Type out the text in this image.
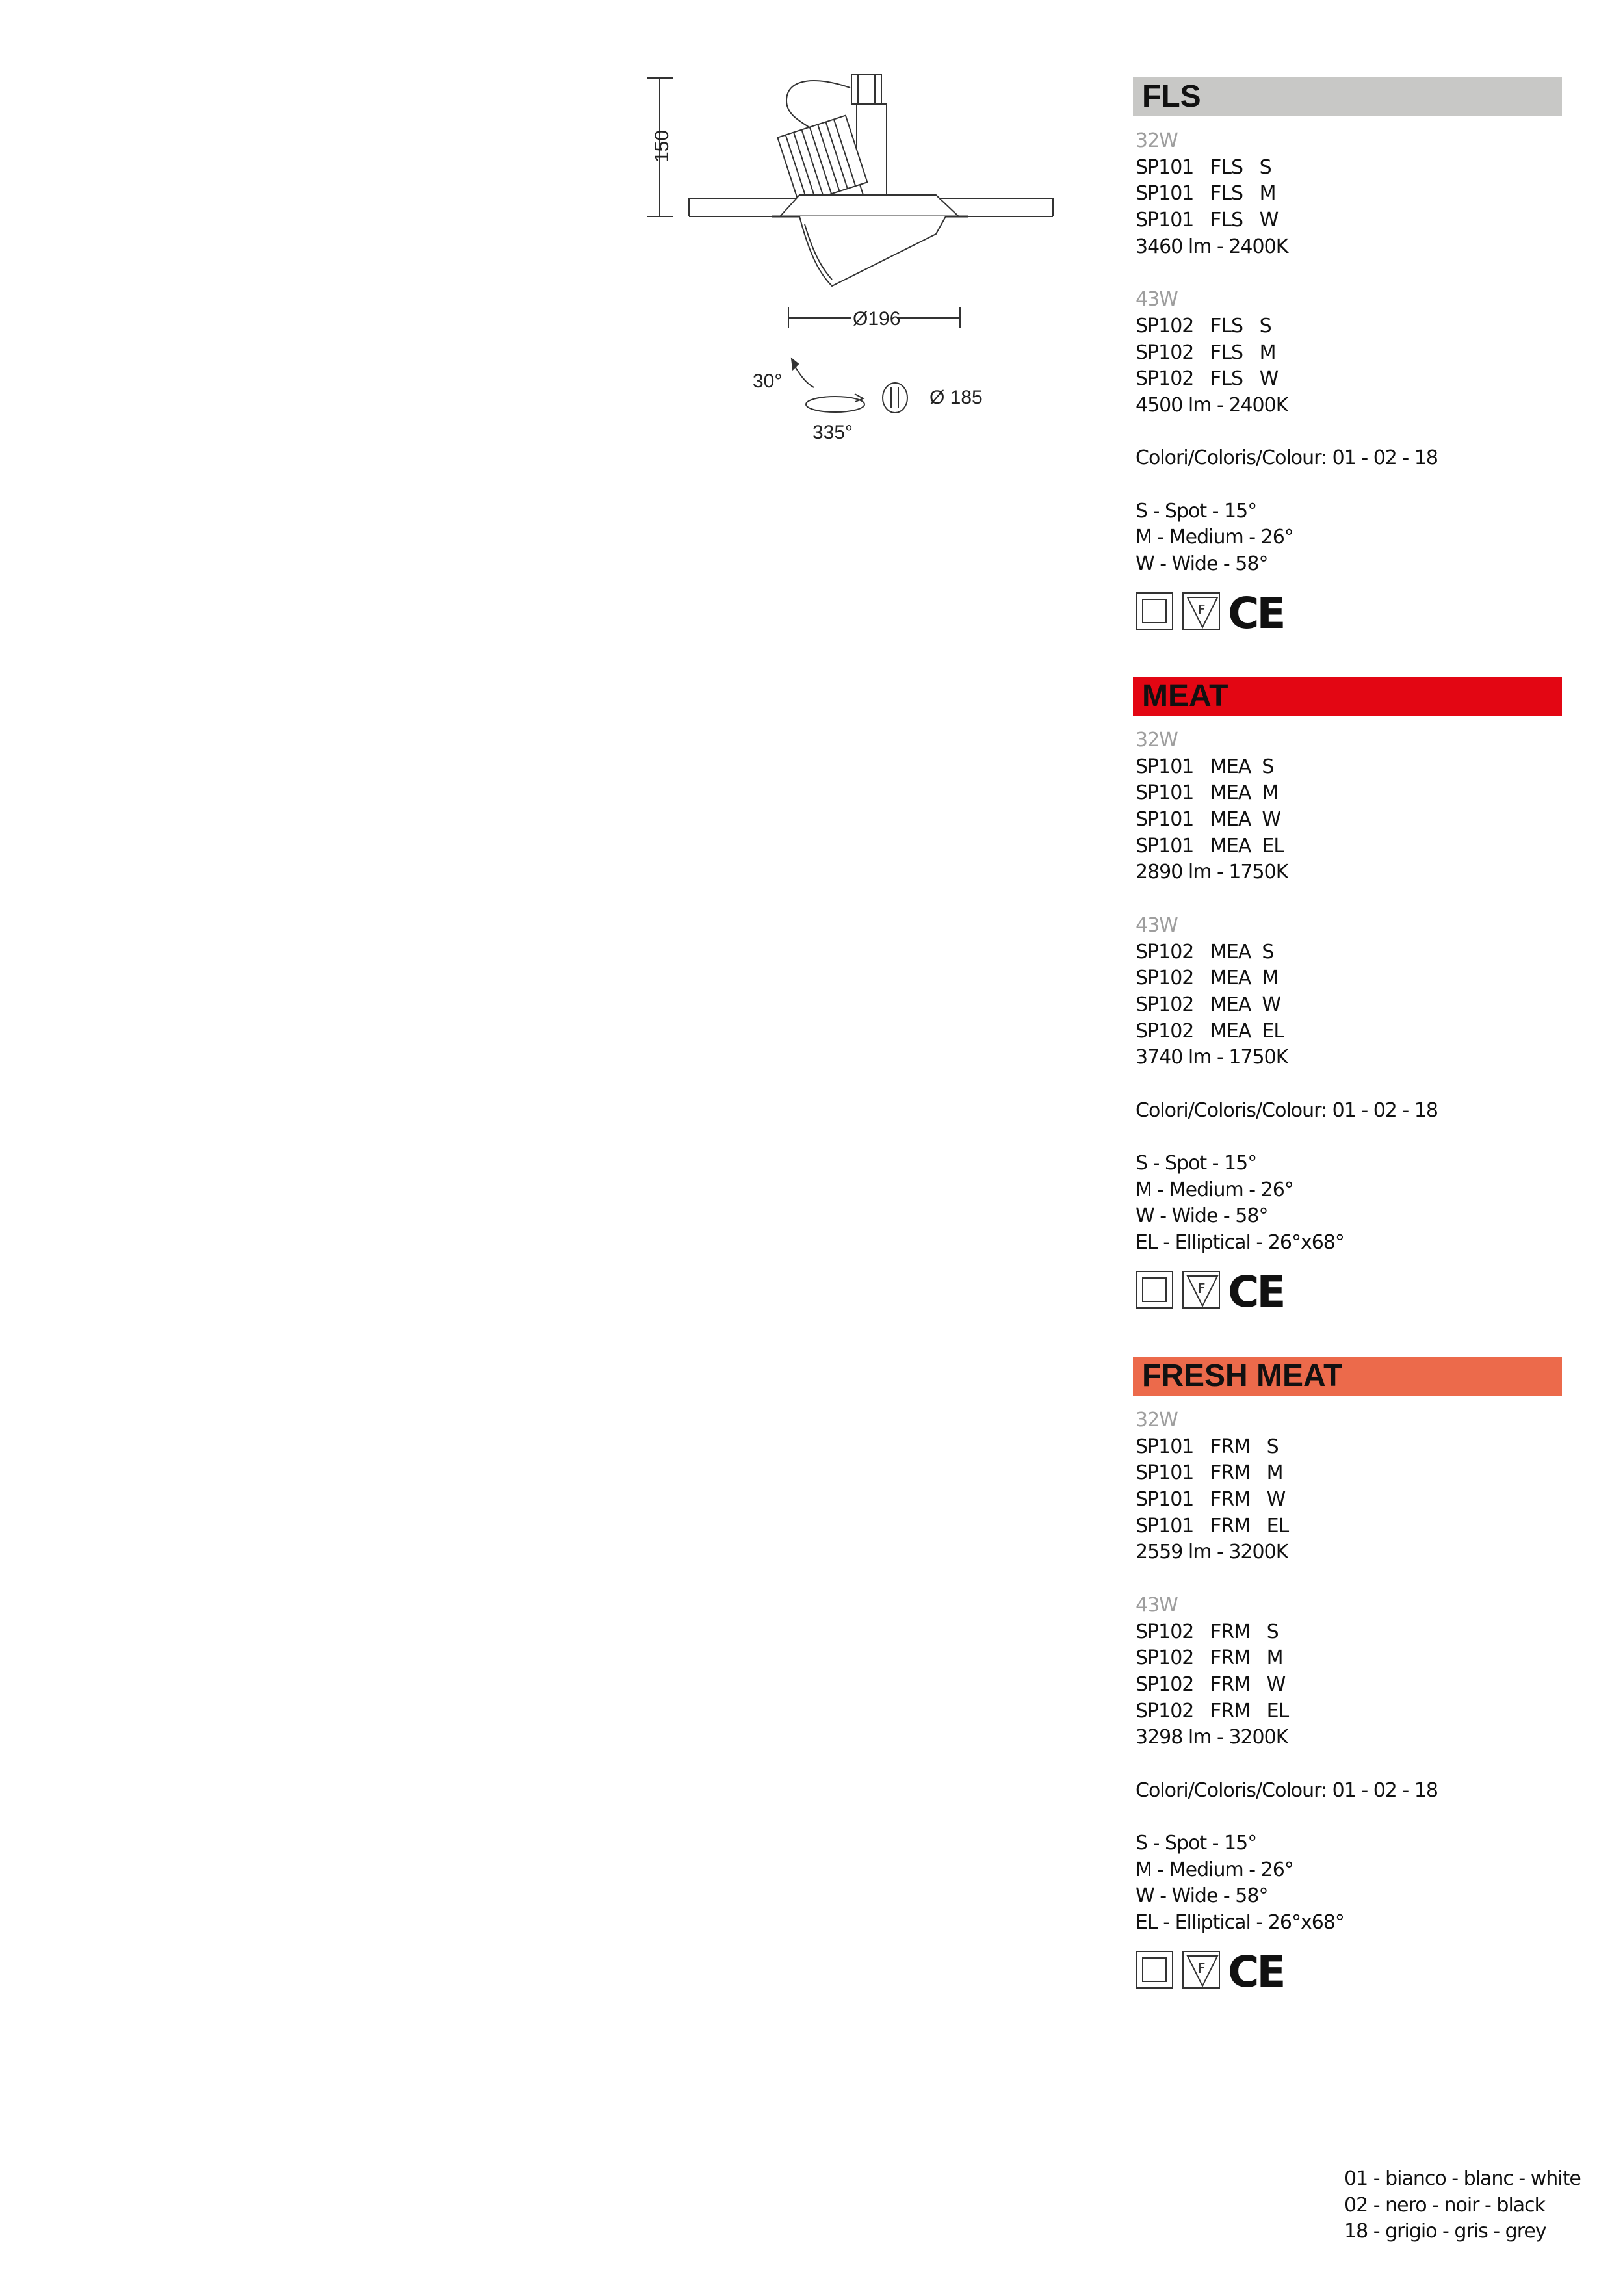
150
Ø196
30°
335°
Ø 185
FLS
32W
SP101   FLS   S
SP101   FLS   M
SP101   FLS   W
3460 lm - 2400K
43W
SP102   FLS   S
SP102   FLS   M
SP102   FLS   W
4500 lm - 2400K
Colori/Coloris/Colour: 01 - 02 - 18
S - Spot - 15°
M - Medium - 26°
W - Wide - 58°
F CE
MEAT
32W
SP101   MEA  S
SP101   MEA  M
SP101   MEA  W
SP101   MEA  EL
2890 lm - 1750K
43W
SP102   MEA  S
SP102   MEA  M
SP102   MEA  W
SP102   MEA  EL
3740 lm - 1750K
Colori/Coloris/Colour: 01 - 02 - 18
S - Spot - 15°
M - Medium - 26°
W - Wide - 58°
EL - Elliptical - 26°x68°
F CE
FRESH MEAT
32W
SP101   FRM   S
SP101   FRM   M
SP101   FRM   W
SP101   FRM   EL
2559 lm - 3200K
43W
SP102   FRM   S
SP102   FRM   M
SP102   FRM   W
SP102   FRM   EL
3298 lm - 3200K
Colori/Coloris/Colour: 01 - 02 - 18
S - Spot - 15°
M - Medium - 26°
W - Wide - 58°
EL - Elliptical - 26°x68°
F CE
01 - bianco - blanc - white
02 - nero - noir - black
18 - grigio - gris - grey
